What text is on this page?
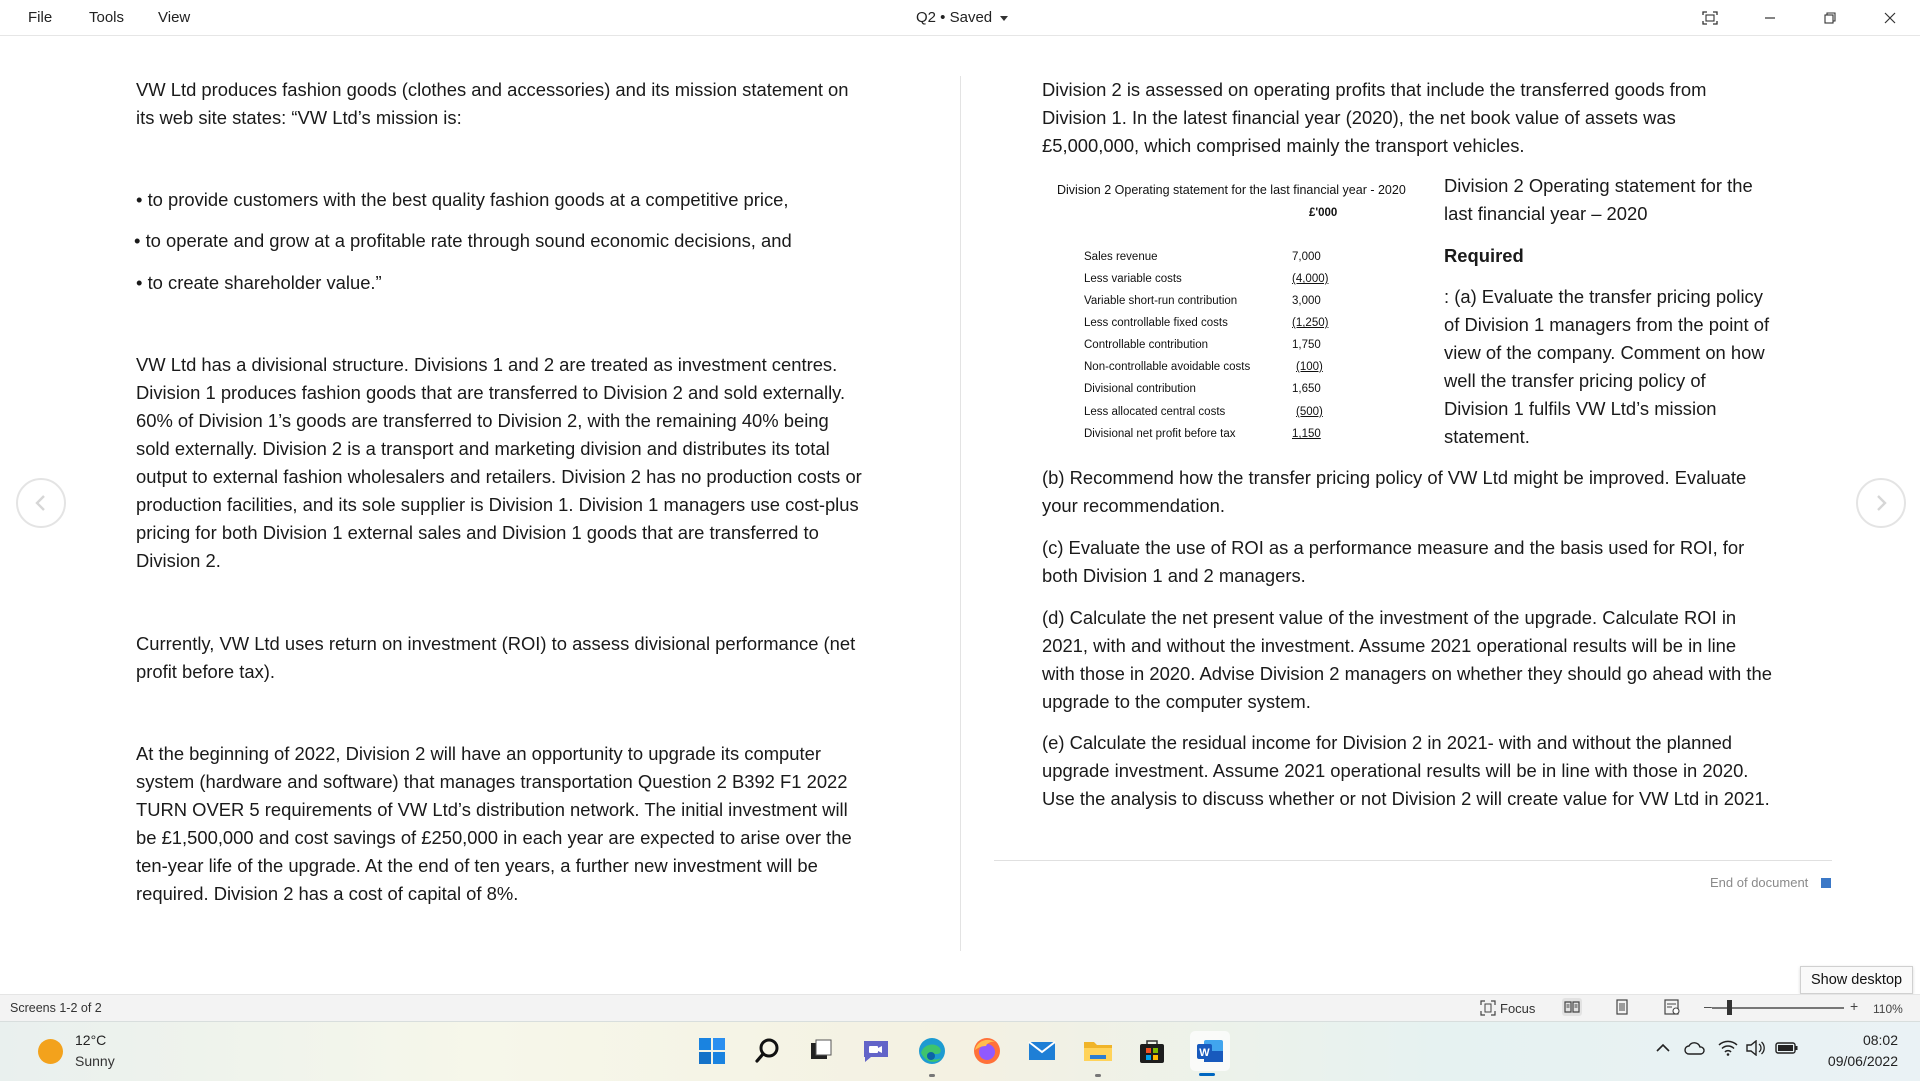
File Tools View	Q2 • Saved

VW Ltd produces fashion goods (clothes and accessories) and its mission statement on its web site states: “VW Ltd’s mission is:

• to provide customers with the best quality fashion goods at a competitive price,
• to operate and grow at a profitable rate through sound economic decisions, and
• to create shareholder value.”

VW Ltd has a divisional structure. Divisions 1 and 2 are treated as investment centres. Division 1 produces fashion goods that are transferred to Division 2 and sold externally. 60% of Division 1’s goods are transferred to Division 2, with the remaining 40% being sold externally. Division 2 is a transport and marketing division and distributes its total output to external fashion wholesalers and retailers. Division 2 has no production costs or production facilities, and its sole supplier is Division 1. Division 1 managers use cost-plus pricing for both Division 1 external sales and Division 1 goods that are transferred to Division 2.

Currently, VW Ltd uses return on investment (ROI) to assess divisional performance (net profit before tax).

At the beginning of 2022, Division 2 will have an opportunity to upgrade its computer system (hardware and software) that manages transportation Question 2 B392 F1 2022 TURN OVER 5 requirements of VW Ltd’s distribution network. The initial investment will be £1,500,000 and cost savings of £250,000 in each year are expected to arise over the ten-year life of the upgrade. At the end of ten years, a further new investment will be required. Division 2 has a cost of capital of 8%.

Division 2 is assessed on operating profits that include the transferred goods from Division 1. In the latest financial year (2020), the net book value of assets was £5,000,000, which comprised mainly the transport vehicles.

Division 2 Operating statement for the last financial year - 2020
£'000
Sales revenue	7,000
Less variable costs	(4,000)
Variable short-run contribution	3,000
Less controllable fixed costs	(1,250)
Controllable contribution	1,750
Non-controllable avoidable costs	(100)
Divisional contribution	1,650
Less allocated central costs	(500)
Divisional net profit before tax	1,150

Division 2 Operating statement for the last financial year – 2020

Required

: (a) Evaluate the transfer pricing policy of Division 1 managers from the point of view of the company. Comment on how well the transfer pricing policy of Division 1 fulfils VW Ltd’s mission statement.

(b) Recommend how the transfer pricing policy of VW Ltd might be improved. Evaluate your recommendation.

(c) Evaluate the use of ROI as a performance measure and the basis used for ROI, for both Division 1 and 2 managers.

(d) Calculate the net present value of the investment of the upgrade. Calculate ROI in 2021, with and without the investment. Assume 2021 operational results will be in line with those in 2020. Advise Division 2 managers on whether they should go ahead with the upgrade to the computer system.

(e) Calculate the residual income for Division 2 in 2021- with and without the planned upgrade investment. Assume 2021 operational results will be in line with those in 2020. Use the analysis to discuss whether or not Division 2 will create value for VW Ltd in 2021.

End of document
Show desktop
Screens 1-2 of 2	Focus	–	+ 110%
12°C
Sunny	W
08:02
09/06/2022
